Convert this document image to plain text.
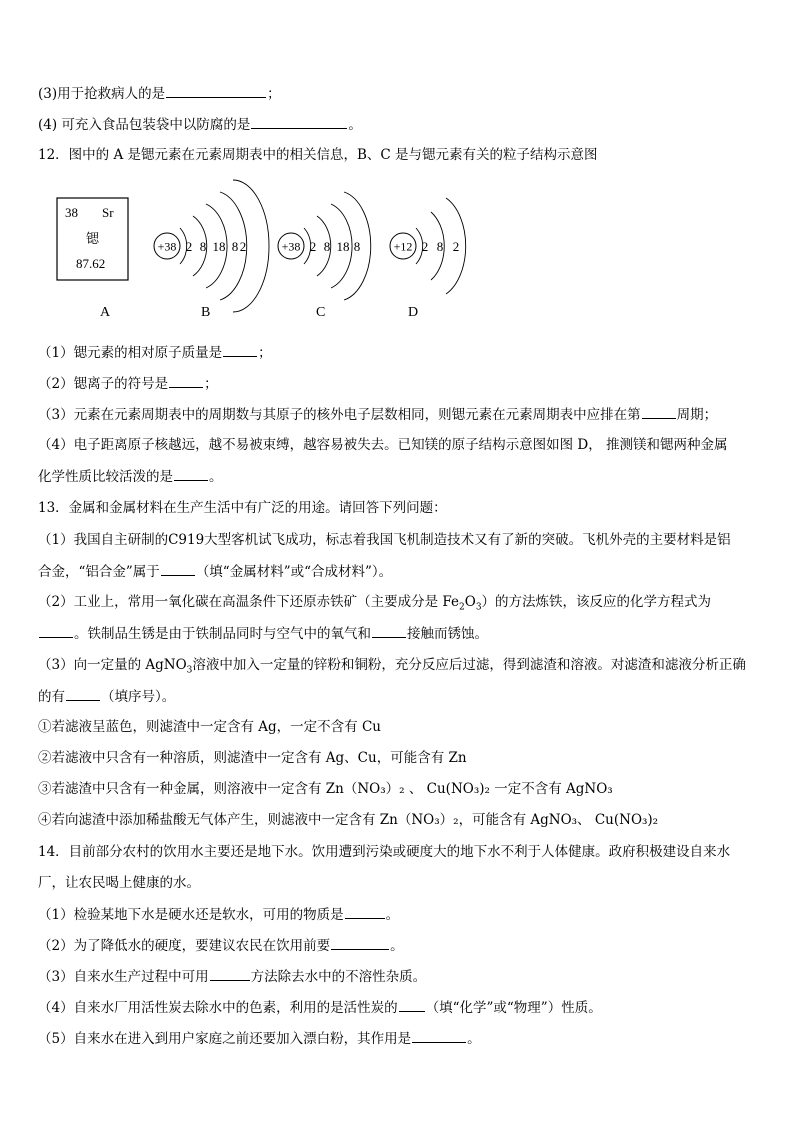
(3)用于抢救病人的是	；
(4) 可充入食品包装袋中以防腐的是	。
12．图中的 A 是锶元素在元素周期表中的相关信息，B、C 是与锶元素有关的粒子结构示意图
38 Sr
锶
87.62
A
+38 2 8 18 8 2
B
+38 2 8 18 8
C
+12 2 8 2
D
（1）锶元素的相对原子质量是	；
（2）锶离子的符号是	；
（3）元素在元素周期表中的周期数与其原子的核外电子层数相同，则锶元素在元素周期表中应排在第	周期；
（4）电子距离原子核越远，越不易被束缚，越容易被失去。已知镁的原子结构示意图如图 D， 推测镁和锶两种金属
化学性质比较活泼的是	。
13．金属和金属材料在生产生活中有广泛的用途。请回答下列问题：
（1）我国自主研制的C919大型客机试飞成功，标志着我国飞机制造技术又有了新的突破。飞机外壳的主要材料是铝
合金，“铝合金”属于	（填“金属材料”或“合成材料”）。
（2）工业上，常用一氧化碳在高温条件下还原赤铁矿（主要成分是 $Fe_2O_3$）的方法炼铁，该反应的化学方程式为
。铁制品生锈是由于铁制品同时与空气中的氧气和	接触而锈蚀。
（3）向一定量的 AgNO$_3$溶液中加入一定量的锌粉和铜粉，充分反应后过滤，得到滤渣和溶液。对滤渣和滤液分析正确
的有	（填序号）。
①若滤液呈蓝色，则滤渣中一定含有 Ag，一定不含有 Cu
②若滤液中只含有一种溶质，则滤渣中一定含有 Ag、Cu，可能含有 Zn
③若滤渣中只含有一种金属，则溶液中一定含有 Zn（NO₃）₂ 、 Cu(NO₃)₂ 一定不含有 AgNO₃
④若向滤渣中添加稀盐酸无气体产生，则滤液中一定含有 Zn（NO₃）₂，可能含有 AgNO₃、 Cu(NO₃)₂
14．目前部分农村的饮用水主要还是地下水。饮用遭到污染或硬度大的地下水不利于人体健康。政府积极建设自来水
厂，让农民喝上健康的水。
（1）检验某地下水是硬水还是软水，可用的物质是	。
（2）为了降低水的硬度，要建议农民在饮用前要	。
（3）自来水生产过程中可用	方法除去水中的不溶性杂质。
（4）自来水厂用活性炭去除水中的色素，利用的是活性炭的 （填“化学”或“物理”）性质。
（5）自来水在进入到用户家庭之前还要加入漂白粉，其作用是	。
